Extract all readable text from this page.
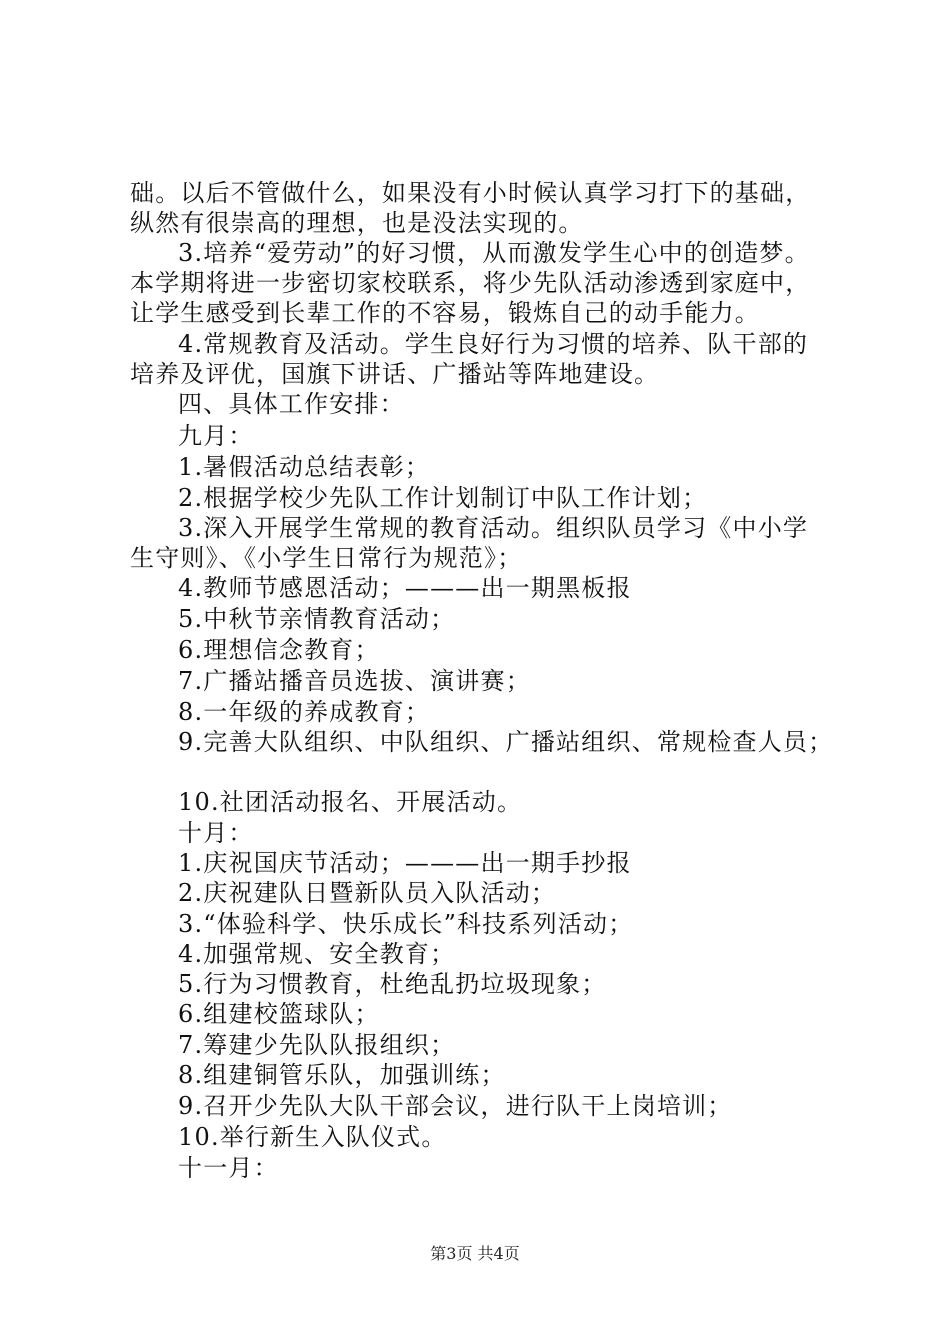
础。以后不管做什么，如果没有小时候认真学习打下的基础，
纵然有很崇高的理想，也是没法实现的。
3.培养“爱劳动”的好习惯，从而激发学生心中的创造梦。
本学期将进一步密切家校联系，将少先队活动渗透到家庭中，
让学生感受到长辈工作的不容易，锻炼自己的动手能力。
4.常规教育及活动。学生良好行为习惯的培养、队干部的
培养及评优，国旗下讲话、广播站等阵地建设。
四、具体工作安排：
九月：
1.暑假活动总结表彰；
2.根据学校少先队工作计划制订中队工作计划；
3.深入开展学生常规的教育活动。组织队员学习《中小学
生守则》、《小学生日常行为规范》；
4.教师节感恩活动；———出一期黑板报
5.中秋节亲情教育活动；
6.理想信念教育；
7.广播站播音员选拔、演讲赛；
8.一年级的养成教育；
9.完善大队组织、中队组织、广播站组织、常规检查人员；
10.社团活动报名、开展活动。
十月：
1.庆祝国庆节活动；———出一期手抄报
2.庆祝建队日暨新队员入队活动；
3.“体验科学、快乐成长”科技系列活动；
4.加强常规、安全教育；
5.行为习惯教育，杜绝乱扔垃圾现象；
6.组建校篮球队；
7.筹建少先队队报组织；
8.组建铜管乐队，加强训练；
9.召开少先队大队干部会议，进行队干上岗培训；
10.举行新生入队仪式。
十一月：
第3页 共4页
